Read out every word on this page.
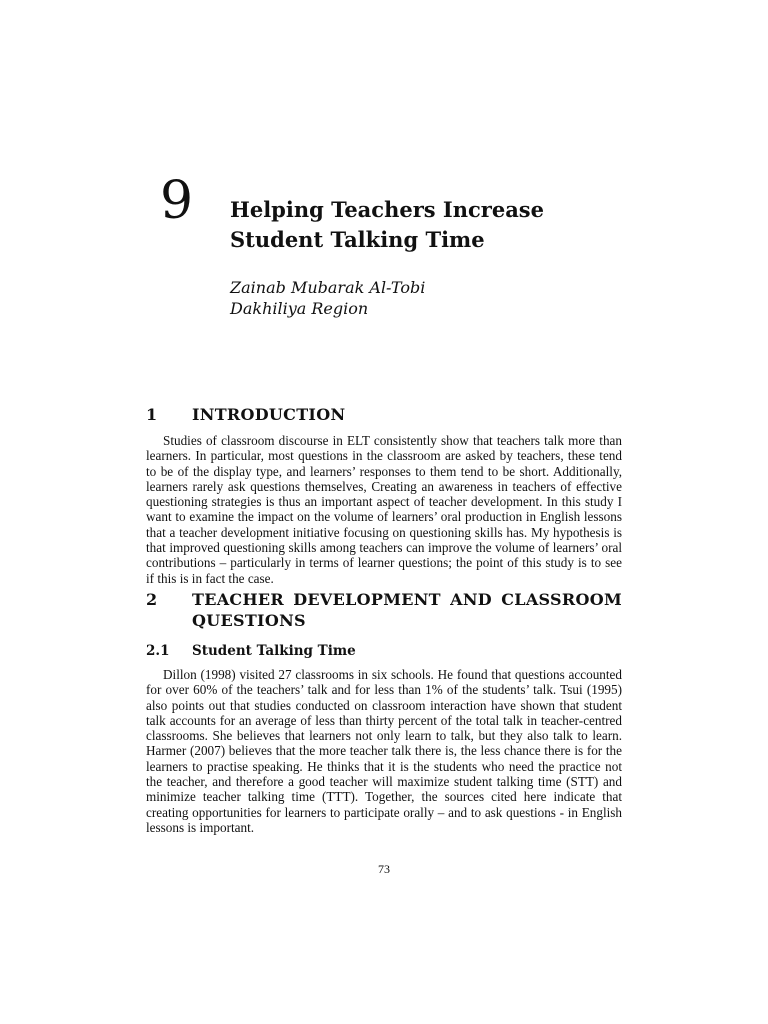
9 Helping Teachers Increase
Student Talking Time
Zainab Mubarak Al-Tobi
Dakhiliya Region
1 INTRODUCTION

Studies of classroom discourse in ELT consistently show that teachers talk more than learners. In particular, most questions in the classroom are asked by teachers, these tend to be of the display type, and learners’ responses to them tend to be short. Additionally, learners rarely ask questions themselves, Creating an awareness in teachers of effective questioning strategies is thus an important aspect of teacher development. In this study I want to examine the impact on the volume of learners’ oral production in English lessons that a teacher development initiative focusing on questioning skills has. My hypothesis is that improved questioning skills among teachers can improve the volume of learners’ oral contributions – particularly in terms of learner questions; the point of this study is to see if this is in fact the case.

2 TEACHER DEVELOPMENT AND CLASSROOM QUESTIONS
2.1 Student Talking Time

Dillon (1998) visited 27 classrooms in six schools. He found that questions accounted for over 60% of the teachers’ talk and for less than 1% of the students’ talk. Tsui (1995) also points out that studies conducted on classroom interaction have shown that student talk accounts for an average of less than thirty percent of the total talk in teacher-centred classrooms. She believes that learners not only learn to talk, but they also talk to learn. Harmer (2007) believes that the more teacher talk there is, the less chance there is for the learners to practise speaking. He thinks that it is the students who need the practice not the teacher, and therefore a good teacher will maximize student talking time (STT) and minimize teacher talking time (TTT). Together, the sources cited here indicate that creating opportunities for learners to participate orally – and to ask questions - in English lessons is important.

73
